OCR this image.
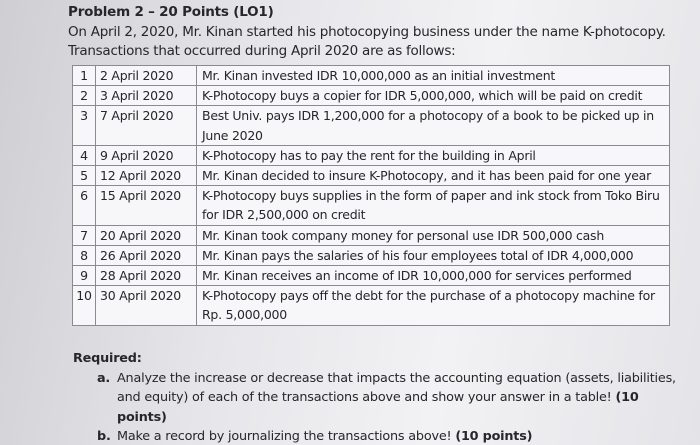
Problem 2 – 20 Points (LO1)
On April 2, 2020, Mr. Kinan started his photocopying business under the name K-photocopy.
Transactions that occurred during April 2020 are as follows:
1	2 April 2020	Mr. Kinan invested IDR 10,000,000 as an initial investment
2	3 April 2020	K-Photocopy buys a copier for IDR 5,000,000, which will be paid on credit
3	7 April 2020	Best Univ. pays IDR 1,200,000 for a photocopy of a book to be picked up in June 2020
4	9 April 2020	K-Photocopy has to pay the rent for the building in April
5	12 April 2020	Mr. Kinan decided to insure K-Photocopy, and it has been paid for one year
6	15 April 2020	K-Photocopy buys supplies in the form of paper and ink stock from Toko Biru for IDR 2,500,000 on credit
7	20 April 2020	Mr. Kinan took company money for personal use IDR 500,000 cash
8	26 April 2020	Mr. Kinan pays the salaries of his four employees total of IDR 4,000,000
9	28 April 2020	Mr. Kinan receives an income of IDR 10,000,000 for services performed
10	30 April 2020	K-Photocopy pays off the debt for the purchase of a photocopy machine for Rp. 5,000,000
Required:
a. Analyze the increase or decrease that impacts the accounting equation (assets, liabilities, and equity) of each of the transactions above and show your answer in a table! (10 points)
b. Make a record by journalizing the transactions above! (10 points)
